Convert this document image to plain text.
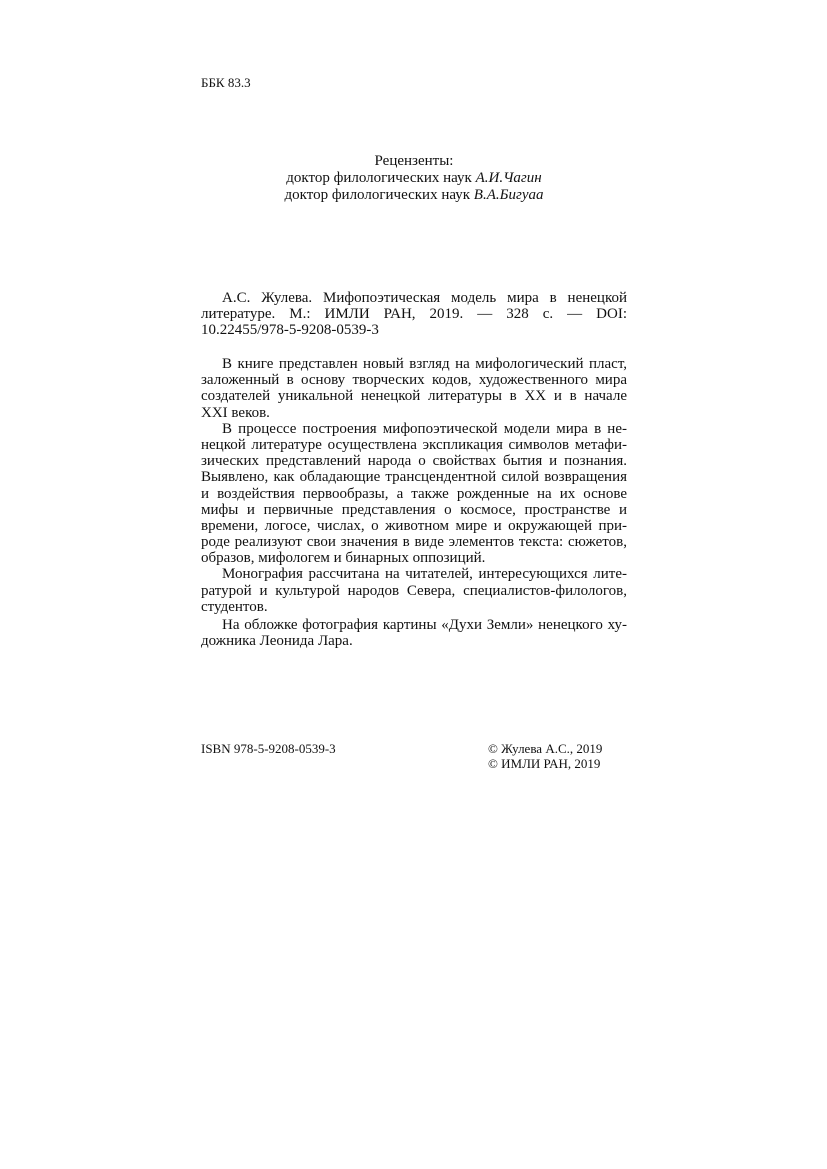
ББК 83.3
Рецензенты:
доктор филологических наук А.И.Чагин
доктор филологических наук В.А.Бигуаа
А.С. Жулева. Мифопоэтическая модель мира в ненецкой
литературе. М.: ИМЛИ РАН, 2019. — 328 с. — DOI:
10.22455/978-5-9208-0539-3
В книге представлен новый взгляд на мифологический пласт,
заложенный в основу творческих кодов, художественного мира
создателей уникальной ненецкой литературы в XX и в начале
XXI веков.
В процессе построения мифопоэтической модели мира в не-
нецкой литературе осуществлена экспликация символов метафи-
зических представлений народа о свойствах бытия и познания.
Выявлено, как обладающие трансцендентной силой возвращения
и воздействия первообразы, а также рожденные на их основе
мифы и первичные представления о космосе, пространстве и
времени, логосе, числах, о животном мире и окружающей при-
роде реализуют свои значения в виде элементов текста: сюжетов,
образов, мифологем и бинарных оппозиций.
Монография рассчитана на читателей, интересующихся лите-
ратурой и культурой народов Севера, специалистов-филологов,
студентов.
На обложке фотография картины «Духи Земли» ненецкого ху-
дожника Леонида Лара.
ISBN 978-5-9208-0539-3	© Жулева А.С., 2019
© ИМЛИ РАН, 2019
